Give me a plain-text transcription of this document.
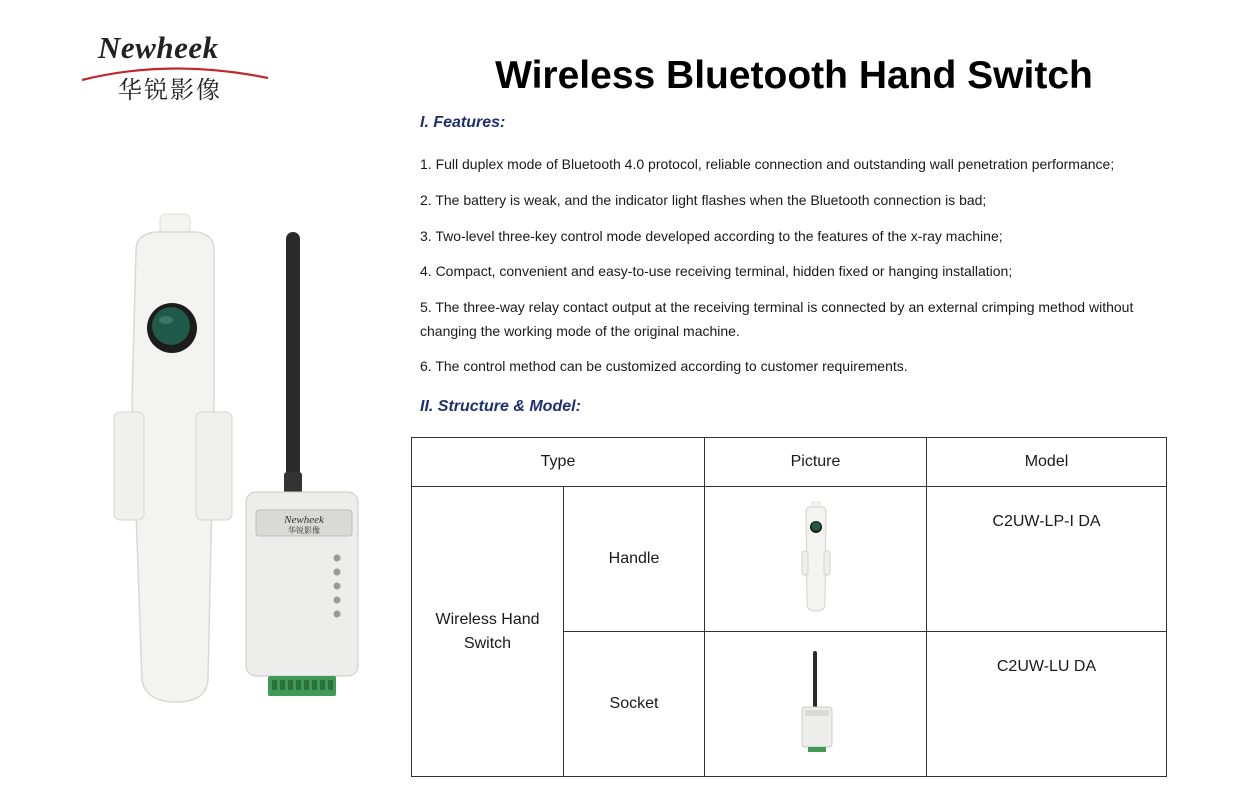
Newheek
华锐影像	Wireless Bluetooth Hand Switch
I. Features:
1. Full duplex mode of Bluetooth 4.0 protocol, reliable connection and outstanding wall penetration performance;
2. The battery is weak, and the indicator light flashes when the Bluetooth connection is bad;
3. Two-level three-key control mode developed according to the features of the x-ray machine;
4. Compact, convenient and easy-to-use receiving terminal, hidden fixed or hanging installation;
5. The three-way relay contact output at the receiving terminal is connected by an external crimping method without changing the working mode of the original machine.
6. The control method can be customized according to customer requirements.
II. Structure & Model:
Newheek
华锐影像
Type		Picture	Model
Wireless Hand Switch	Handle		C2UW-LP-I DA

	Socket		C2UW-LU DA
